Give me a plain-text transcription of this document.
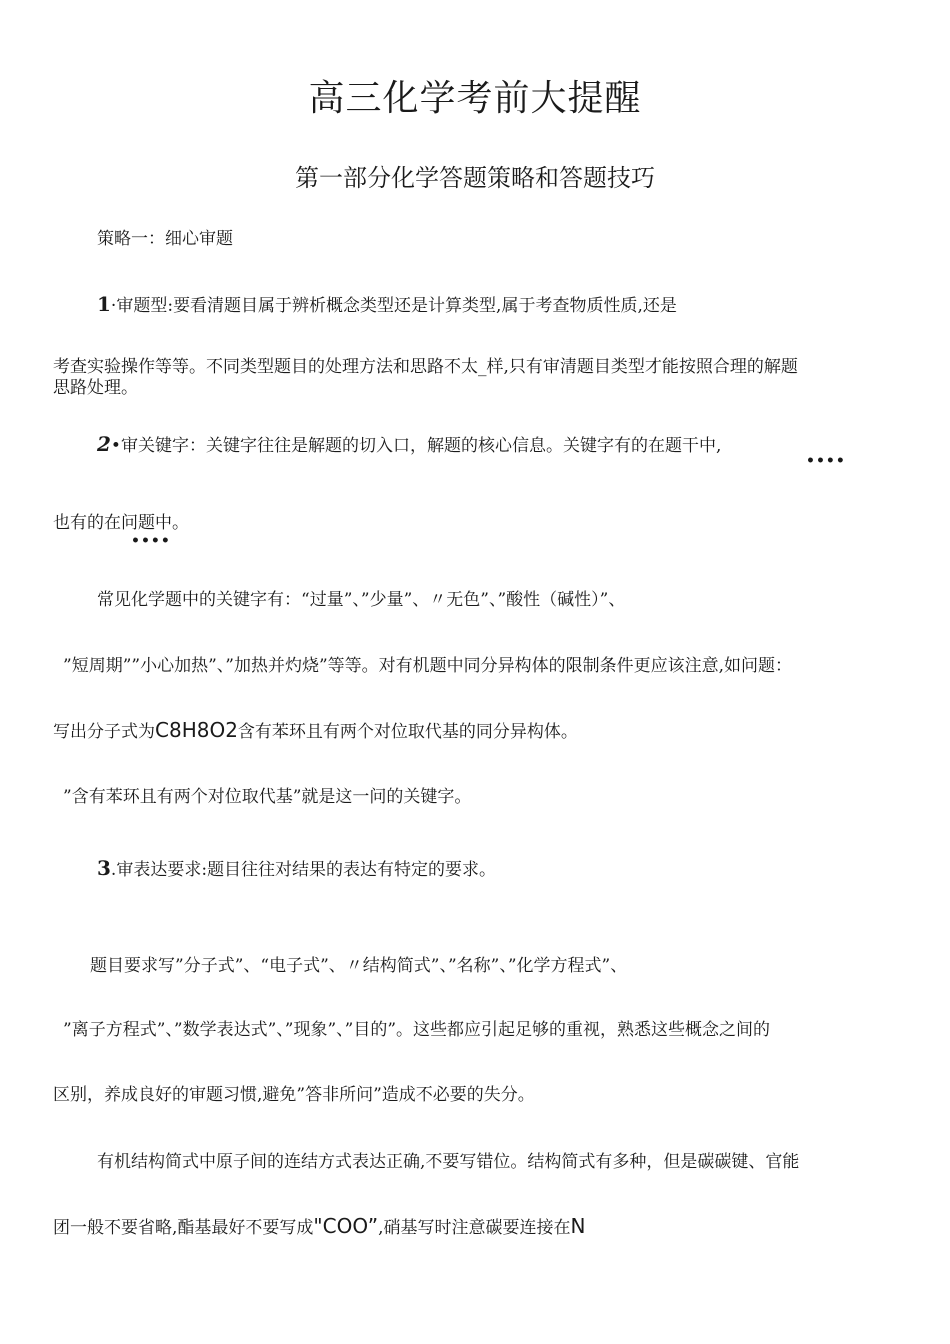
高三化学考前大提醒
第一部分化学答题策略和答题技巧
策略一：细心审题
1·审题型:要看清题目属于辨析概念类型还是计算类型,属于考查物质性质,还是
考查实验操作等等。不同类型题目的处理方法和思路不太_样,只有审清题目类型才能按照合理的解题
思路处理。
2•审关键字：关键字往往是解题的切入口，解题的核心信息。关键字有的在题干中,
••••
也有的在问题中。
••••
常见化学题中的关键字有：“过量”、”少量”、〃无色”、”酸性（碱性）”、
”短周期””小心加热”、”加热并灼烧”等等。对有机题中同分异构体的限制条件更应该注意,如问题：
写出分子式为C8H8O2含有苯环且有两个对位取代基的同分异构体。
”含有苯环且有两个对位取代基”就是这一问的关键字。
3.审表达要求:题目往往对结果的表达有特定的要求。
题目要求写”分子式”、“电子式”、〃结构简式”、”名称”、”化学方程式”、
”离子方程式”、”数学表达式”、”现象”、”目的”。这些都应引起足够的重视，熟悉这些概念之间的
区别，养成良好的审题习惯,避免”答非所问”造成不必要的失分。
有机结构简式中原子间的连结方式表达正确,不要写错位。结构简式有多种，但是碳碳键、官能
团一般不要省略,酯基最好不要写成"COO”,硝基写时注意碳要连接在N
